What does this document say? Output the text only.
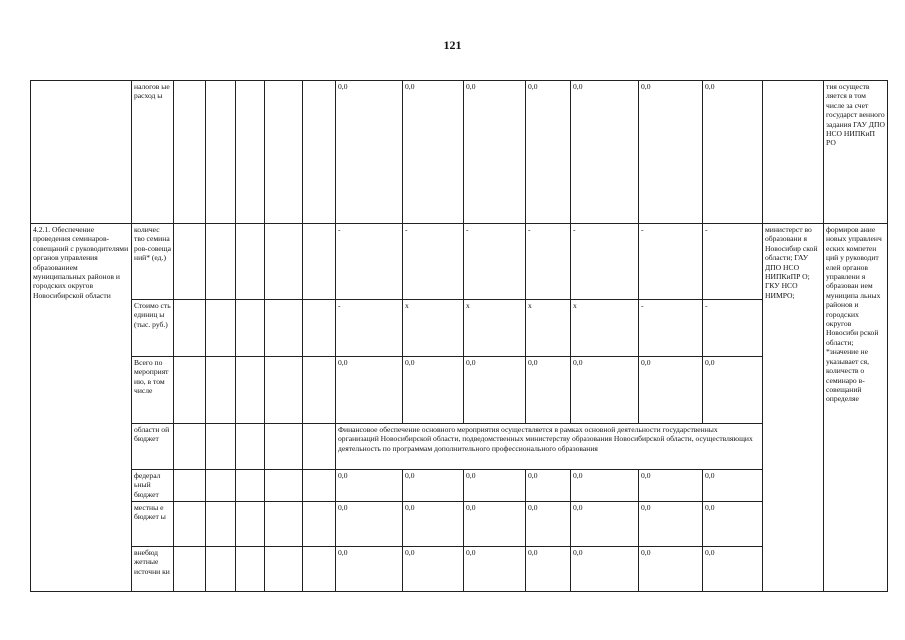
121
	налогов ые расход ы						0,0	0,0	0,0	0,0	0,0	0,0	0,0		тия осуществ ляется в том числе за счет государст венного задания ГАУ ДПО НСО НИПКиП РО
4.2.1. Обеспечение проведения семинаров-совещаний с руководителями органов управления образованием муниципальных районов и городских округов Новосибирской области	количес тво семина ров-совеща ний* (ед.)						-	-	-	-	-	-	-	министерст во образовани я Новосибир ской области; ГАУ ДПО НСО НИПКиПР О; ГКУ НСО НИМРО;	формиров ание новых управленч еских компетен ций у руководит елей органов управлени я образован ием муниципа льных районов и городских округов Новосиби рской области; *значение не указывает ся, количеств о семинаро в-совещаний определяе
	Стоимо сть единиц ы (тыс. руб.)						-	х	х	х	х	-	-		
	Всего по мероприятию, в том числе						0,0	0,0	0,0	0,0	0,0	0,0	0,0		
	областн ой бюджет						Финансовое обеспечение основного мероприятия осуществляется в рамках основной деятельности государственных организаций Новосибирской области, подведомственных министерству образования Новосибирской области, осуществляющих деятельность по программам дополнительного профессионального образования								
	федерал ьный бюджет						0,0	0,0	0,0	0,0	0,0	0,0	0,0		
	местны е бюджет ы						0,0	0,0	0,0	0,0	0,0	0,0	0,0		
	внебюд жетные источни ки						0,0	0,0	0,0	0,0	0,0	0,0	0,0		
